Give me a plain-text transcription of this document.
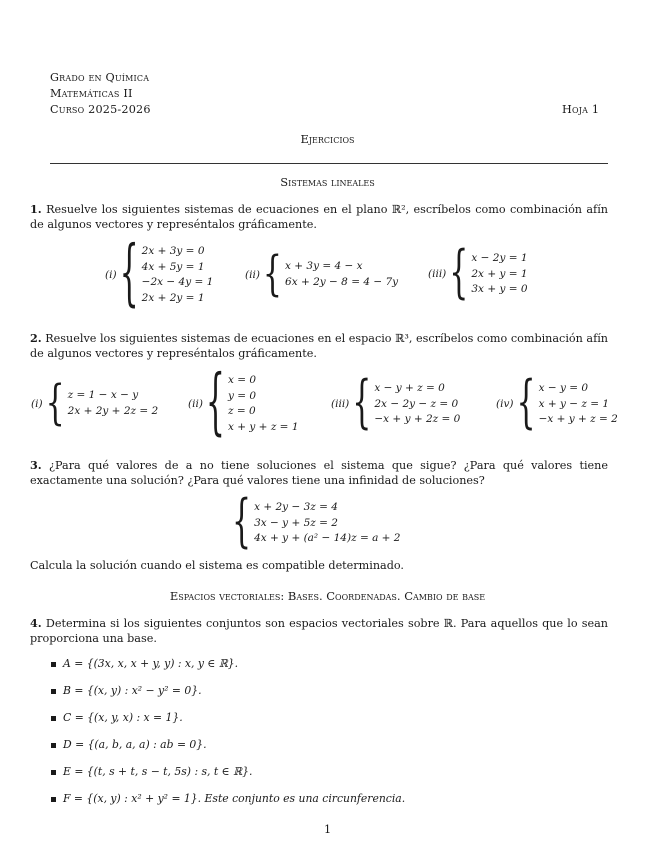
Grado en Química
Matemáticas II
Curso 2025-2026	Hoja 1
Ejercicios
Sistemas lineales
1. Resuelve los siguientes sistemas de ecuaciones en el plano ℝ², escríbelos como combinación afín de algunos vectores y represéntalos gráficamente.
(i) { 2x + 3y = 0
4x + 5y = 1
−2x − 4y = 1
2x + 2y = 1
(ii) { x + 3y = 4 − x
6x + 2y − 8 = 4 − 7y
(iii) { x − 2y = 1
2x + y = 1
3x + y = 0
2. Resuelve los siguientes sistemas de ecuaciones en el espacio ℝ³, escríbelos como combinación afín de algunos vectores y represéntalos gráficamente.
(i) { z = 1 − x − y
2x + 2y + 2z = 2
(ii) { x = 0
y = 0
z = 0
x + y + z = 1
(iii) { x − y + z = 0
2x − 2y − z = 0
−x + y + 2z = 0
(iv) { x − y = 0
x + y − z = 1
−x + y + z = 2
3. ¿Para qué valores de a no tiene soluciones el sistema que sigue? ¿Para qué valores tiene exactamente una solución? ¿Para qué valores tiene una infinidad de soluciones?
{ x + 2y − 3z = 4
3x − y + 5z = 2
4x + y + (a² − 14)z = a + 2
Calcula la solución cuando el sistema es compatible determinado.
Espacios vectoriales: Bases. Coordenadas. Cambio de base
4. Determina si los siguientes conjuntos son espacios vectoriales sobre ℝ. Para aquellos que lo sean proporciona una base.
A = {(3x, x, x + y, y) : x, y ∈ ℝ}.
B = {(x, y) : x² − y² = 0}.
C = {(x, y, x) : x = 1}.
D = {(a, b, a, a) : ab = 0}.
E = {(t, s + t, s − t, 5s) : s, t ∈ ℝ}.
F = {(x, y) : x² + y² = 1}. Este conjunto es una circunferencia.
1
